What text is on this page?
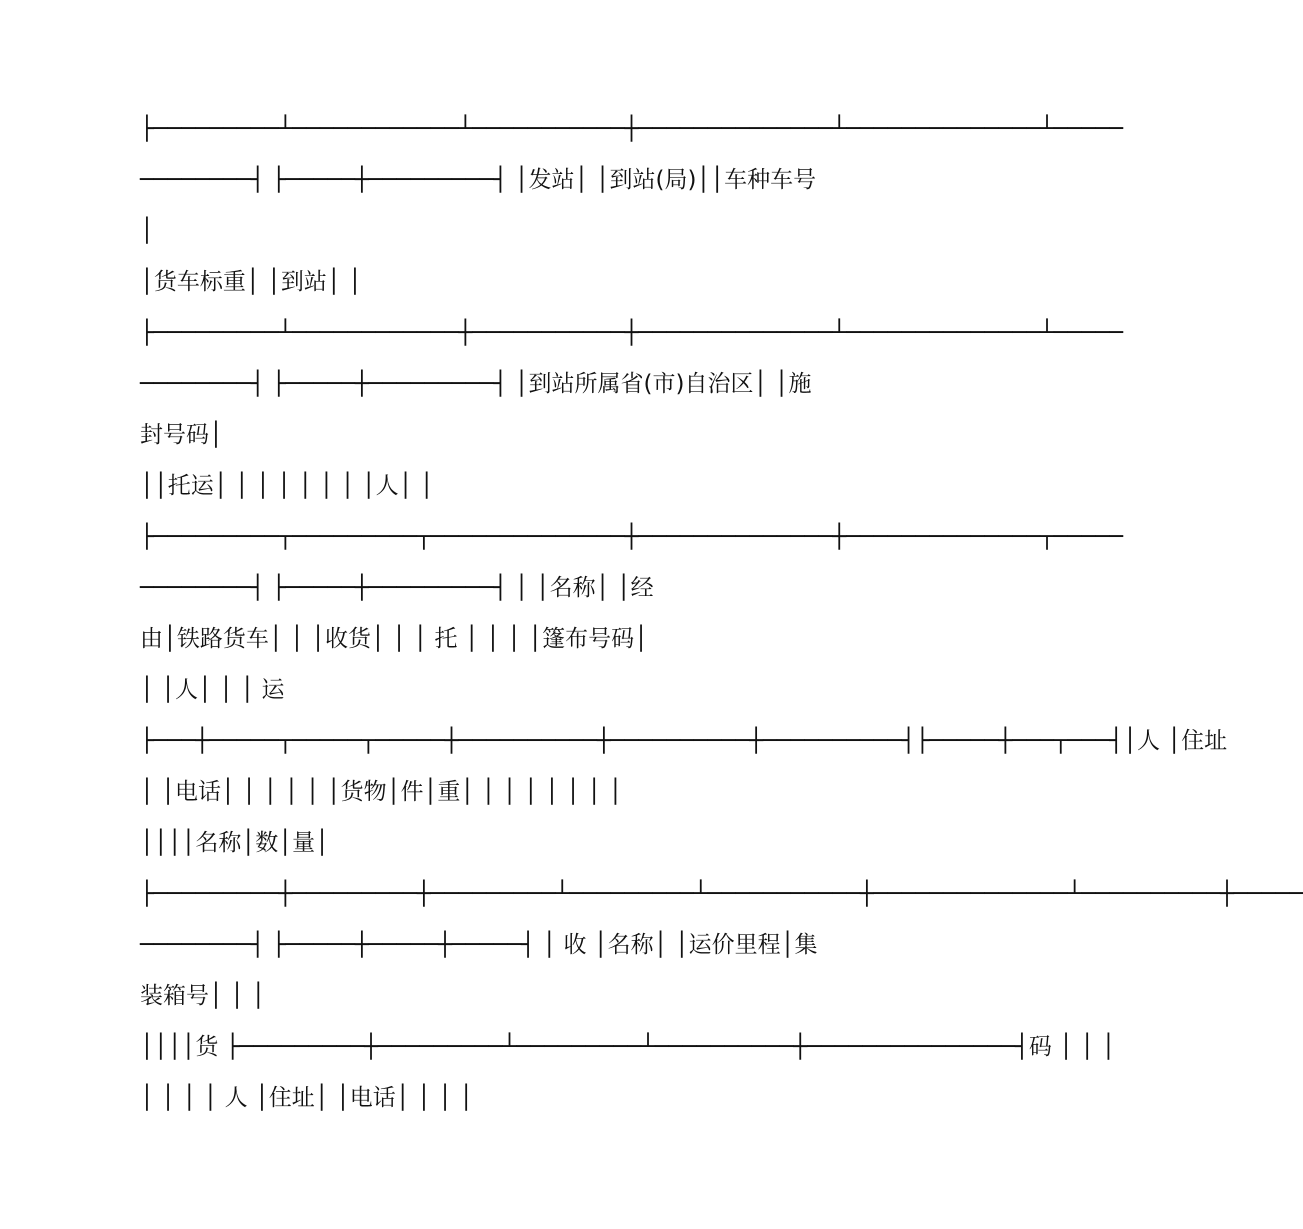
├─────────┴────────────┴───────────┼──────────────┴──────────────┴─────
────────┤ ├─────┼─────────┤ │发站│ │到站(局)││车种车号
│
│货车标重│ │到站│ │
├─────────┴────────────┼───────────┼──────────────┴──────────────┴─────
────────┤ ├─────┼─────────┤ │到站所属省(市)自治区│ │施
封号码│
││托运│ │ │ │ │ │ │ │人│ │
├─────────┬─────────┬──────────────┼──────────────┼──────────────┬─────
────────┤ ├─────┼─────────┤ │ │名称│ │经
由│铁路货车│ │ │收货│ │ │ 托 │ │ │ │篷布号码│
│ │人│ │ │ 运
├───┼─────┬─────┬─────┼──────────┼──────────┼──────────┤├─────┼───┬───┤│人 │住址
│ │电话│ │ │ │ │ │货物│件│重│ │ │ │ │ │ │ │
││││名称│数│量│
├─────────┼─────────┼─────────┴─────────┴───────────┼──────────────┴──────────┼─────
────────┤ ├─────┼─────┼─────┤ │ 收 │名称│ │运价里程│集
装箱号│ │ │
││││货 ├─────────┼─────────┴─────────┴──────────┼───────────────┤码 │ │ │
│ │ │ │ 人 │住址│ │电话│ │ │ │
